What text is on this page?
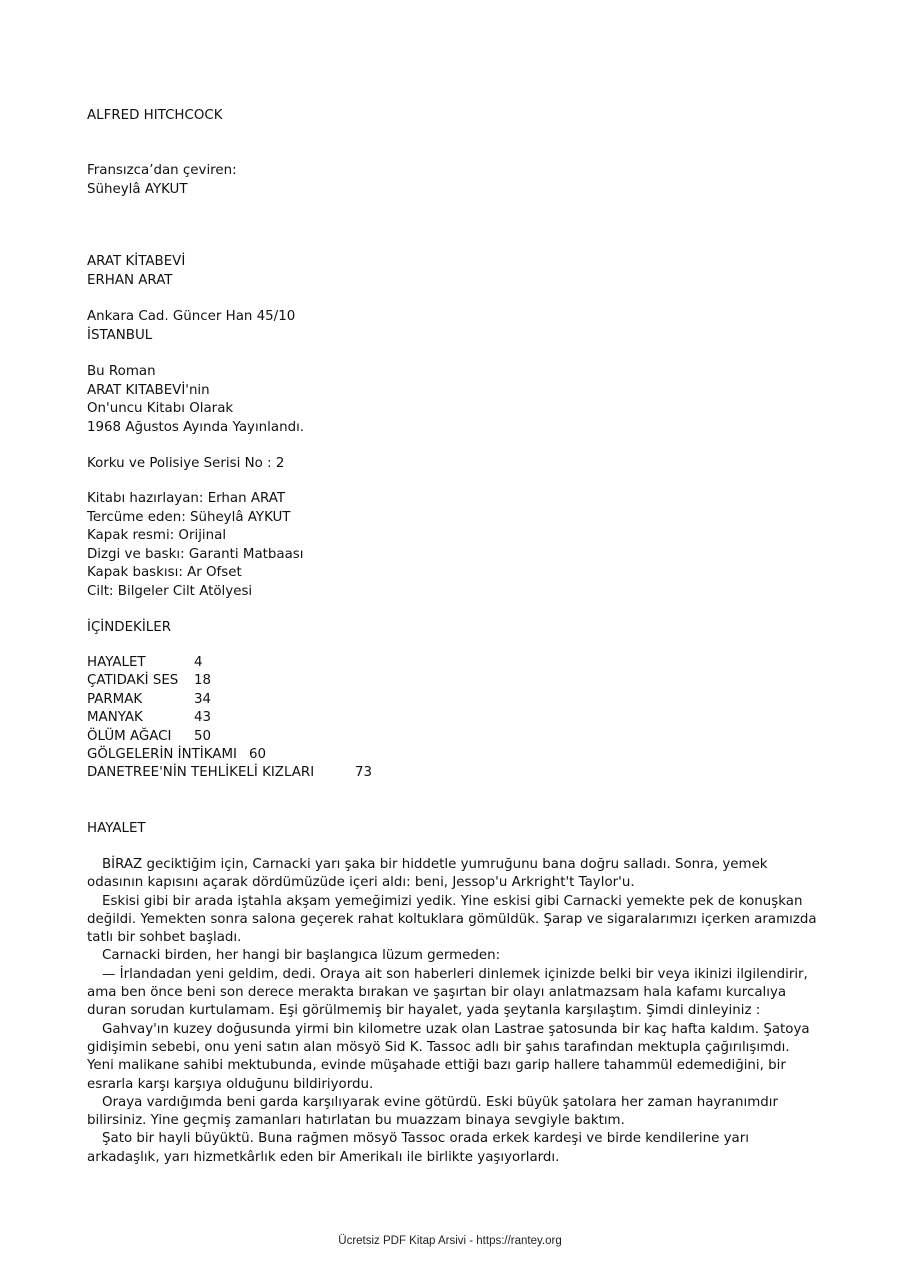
ALFRED HITCHCOCK
Fransızca’dan çeviren:
Süheylâ AYKUT
ARAT KİTABEVİ
ERHAN ARAT
Ankara Cad. Güncer Han 45/10
İSTANBUL
Bu Roman
ARAT KITABEVİ'nin
On'uncu Kitabı Olarak
1968 Ağustos Ayında Yayınlandı.
Korku ve Polisiye Serisi No : 2
Kitabı hazırlayan: Erhan ARAT
Tercüme eden: Süheylâ AYKUT
Kapak resmi: Orijinal
Dizgi ve baskı: Garanti Matbaası
Kapak baskısı: Ar Ofset
Cilt: Bilgeler Cilt Atölyesi
İÇİNDEKİLER
HAYALET	4
ÇATIDAKİ SES 18
PARMAK	34
MANYAK	43
ÖLÜM AĞACI 50
GÖLGELERİN İNTİKAMI 60
DANETREE'NİN TEHLİKELİ KIZLARI	73
HAYALET

BİRAZ geciktiğim için, Carnacki yarı şaka bir hiddetle yumruğunu bana doğru salladı. Sonra, yemek odasının kapısını açarak dördümüzüde içeri aldı: beni, Jessop'u Arkright't Taylor'u.

Eskisi gibi bir arada iştahla akşam yemeğimizi yedik. Yine eskisi gibi Carnacki yemekte pek de konuşkan değildi. Yemekten sonra salona geçerek rahat koltuklara gömüldük. Şarap ve sigaralarımızı içerken aramızda tatlı bir sohbet başladı.

Carnacki birden, her hangi bir başlangıca lüzum germeden:

— İrlandadan yeni geldim, dedi. Oraya ait son haberleri dinlemek içinizde belki bir veya ikinizi ilgilendirir, ama ben önce beni son derece merakta bırakan ve şaşırtan bir olayı anlatmazsam hala kafamı kurcalıya duran sorudan kurtulamam. Eşi görülmemiş bir hayalet, yada şeytanla karşılaştım. Şimdi dinleyiniz :

Gahvay'ın kuzey doğusunda yirmi bin kilometre uzak olan Lastrae şatosunda bir kaç hafta kaldım. Şatoya gidişimin sebebi, onu yeni satın alan mösyö Sid K. Tassoc adlı bir şahıs tarafından mektupla çağırılışımdı. Yeni malikane sahibi mektubunda, evinde müşahade ettiği bazı garip hallere tahammül edemediğini, bir esrarla karşı karşıya olduğunu bildiriyordu.

Oraya vardığımda beni garda karşılıyarak evine götürdü. Eski büyük şatolara her zaman hayranımdır bilirsiniz. Yine geçmiş zamanları hatırlatan bu muazzam binaya sevgiyle baktım.

Şato bir hayli büyüktü. Buna rağmen mösyö Tassoc orada erkek kardeşi ve birde kendilerine yarı arkadaşlık, yarı hizmetkârlık eden bir Amerikalı ile birlikte yaşıyorlardı.

Ücretsiz PDF Kitap Arsivi - https://rantey.org
